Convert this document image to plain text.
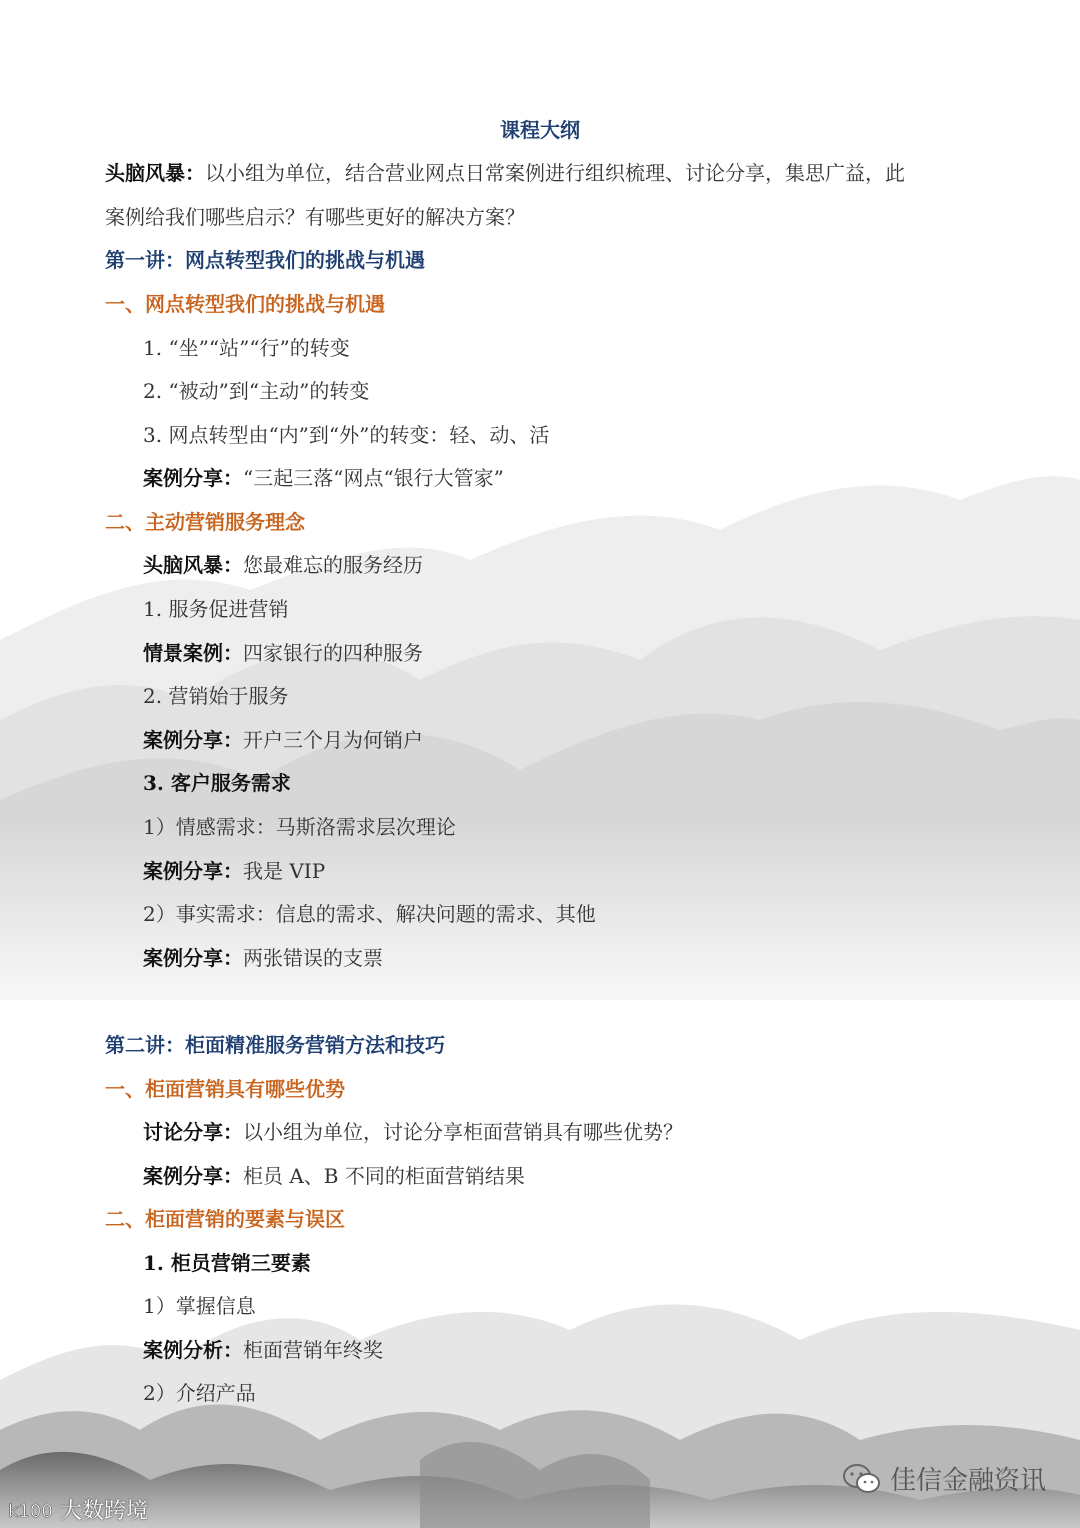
课程大纲
头脑风暴：以小组为单位，结合营业网点日常案例进行组织梳理、讨论分享，集思广益，此
案例给我们哪些启示？有哪些更好的解决方案？
第一讲：网点转型我们的挑战与机遇
一、网点转型我们的挑战与机遇
1. “坐”“站”“行”的转变
2. “被动”到“主动”的转变
3. 网点转型由“内”到“外”的转变：轻、动、活
案例分享：“三起三落“网点“银行大管家”
二、主动营销服务理念
头脑风暴：您最难忘的服务经历
1. 服务促进营销
情景案例：四家银行的四种服务
2. 营销始于服务
案例分享：开户三个月为何销户
3. 客户服务需求
1）情感需求：马斯洛需求层次理论
案例分享：我是 VIP
2）事实需求：信息的需求、解决问题的需求、其他
案例分享：两张错误的支票
第二讲：柜面精准服务营销方法和技巧
一、柜面营销具有哪些优势
讨论分享：以小组为单位，讨论分享柜面营销具有哪些优势？
案例分享：柜员 A、B 不同的柜面营销结果
二、柜面营销的要素与误区
1. 柜员营销三要素
1）掌握信息
案例分析：柜面营销年终奖
2）介绍产品
k100 大数跨境
佳信金融资讯
